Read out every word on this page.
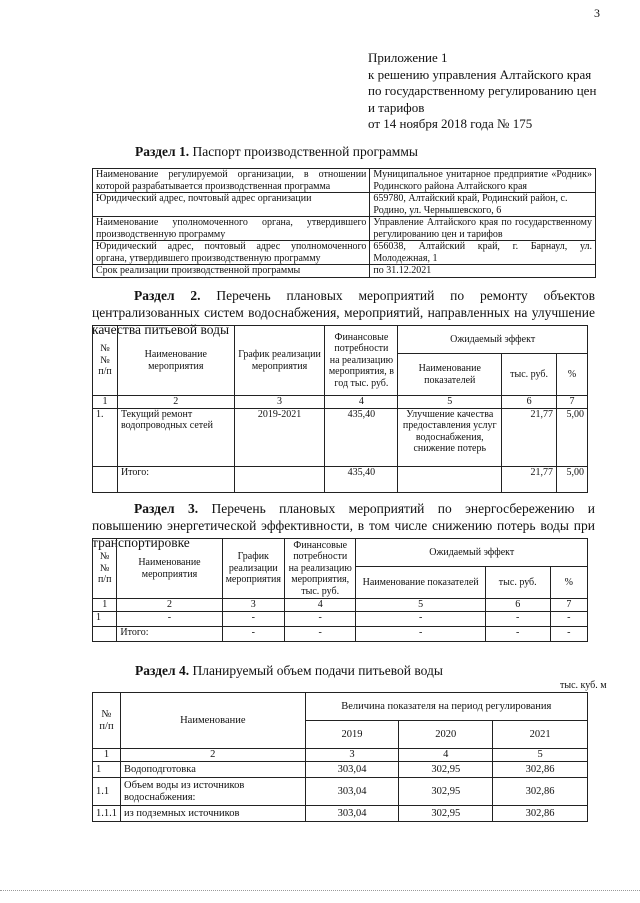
3
Приложение 1
к решению управления Алтайского края
по государственному регулированию цен
и тарифов
от 14 ноября 2018 года № 175
Раздел 1. Паспорт производственной программы
Наименование регулируемой организации, в отношении которой разрабатывается производственная программа	Муниципальное унитарное предприятие «Родник» Родинского района Алтайского края
Юридический адрес, почтовый адрес организации	659780, Алтайский край, Родинский район, с. Родино, ул. Чернышевского, 6
Наименование уполномоченного органа, утвердившего производственную программу	Управление Алтайского края по государственному регулированию цен и тарифов
Юридический адрес, почтовый адрес уполномоченного органа, утвердившего производственную программу	656038, Алтайский край, г. Барнаул, ул. Молодежная, 1
Срок реализации производственной программы	по 31.12.2021
Раздел 2. Перечень плановых мероприятий по ремонту объектов централизованных систем водоснабжения, мероприятий, направленных на улучшение качества питьевой воды
№№ п/п	Наименование мероприятия	График реализации мероприятия	Финансовые потребности на реализацию мероприятия, в год тыс. руб.	Ожидаемый эффект		
				Наименование показателей	тыс. руб.	%
1	2	3	4	5	6	7
1.	Текущий ремонт водопроводных сетей	2019-2021	435,40	Улучшение качества предоставления услуг водоснабжения, снижение потерь	21,77	5,00
	Итого:		435,40		21,77	5,00
Раздел 3. Перечень плановых мероприятий по энергосбережению и повышению энергетической эффективности, в том числе снижению потерь воды при транспортировке
№№ п/п	Наименование мероприятия	График реализации мероприятия	Финансовые потребности на реализацию мероприятия, тыс. руб.	Ожидаемый эффект		
				Наименование показателей	тыс. руб.	%
1	2	3	4	5	6	7
1	-	-	-	-	-	-
	Итого:	-	-	-	-	-
Раздел 4. Планируемый объем подачи питьевой воды
тыс. куб. м
№ п/п	Наименование	Величина показателя на период регулирования		
		2019	2020	2021
1	2	3	4	5
1	Водоподготовка	303,04	302,95	302,86
1.1	Объем воды из источников водоснабжения:	303,04	302,95	302,86
1.1.1	из подземных источников	303,04	302,95	302,86
